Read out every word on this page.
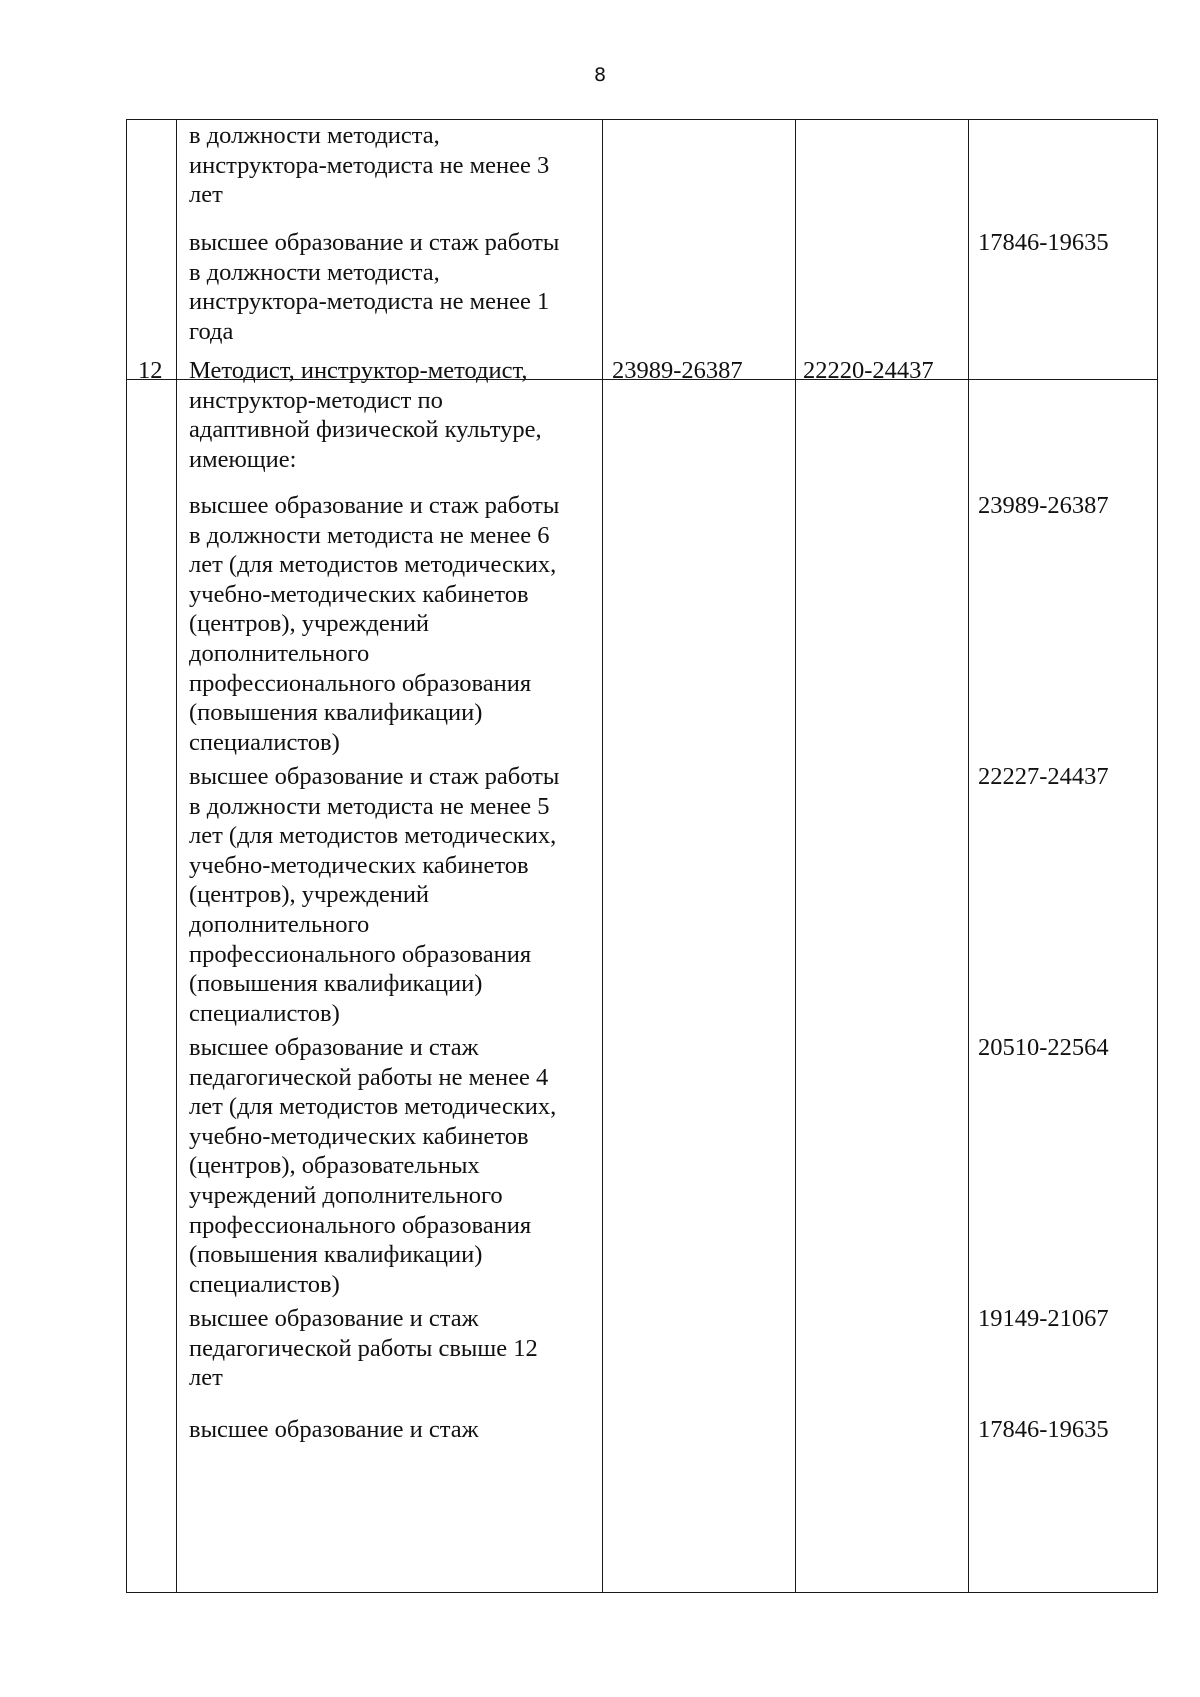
8
в должности методиста,
инструктора-методиста не менее 3
лет
высшее образование и стаж работы
в должности методиста,
инструктора-методиста не менее 1
года
17846-19635
12 Методист, инструктор-методист,
инструктор-методист по
адаптивной физической культуре,
имеющие:
23989-26387 22220-24437
высшее образование и стаж работы
в должности методиста не менее 6
лет (для методистов методических,
учебно-методических кабинетов
(центров), учреждений
дополнительного
профессионального образования
(повышения квалификации)
специалистов)
23989-26387
высшее образование и стаж работы
в должности методиста не менее 5
лет (для методистов методических,
учебно-методических кабинетов
(центров), учреждений
дополнительного
профессионального образования
(повышения квалификации)
специалистов)
22227-24437
высшее образование и стаж
педагогической работы не менее 4
лет (для методистов методических,
учебно-методических кабинетов
(центров), образовательных
учреждений дополнительного
профессионального образования
(повышения квалификации)
специалистов)
20510-22564
высшее образование и стаж
педагогической работы свыше 12
лет
19149-21067
высшее образование и стаж	17846-19635
